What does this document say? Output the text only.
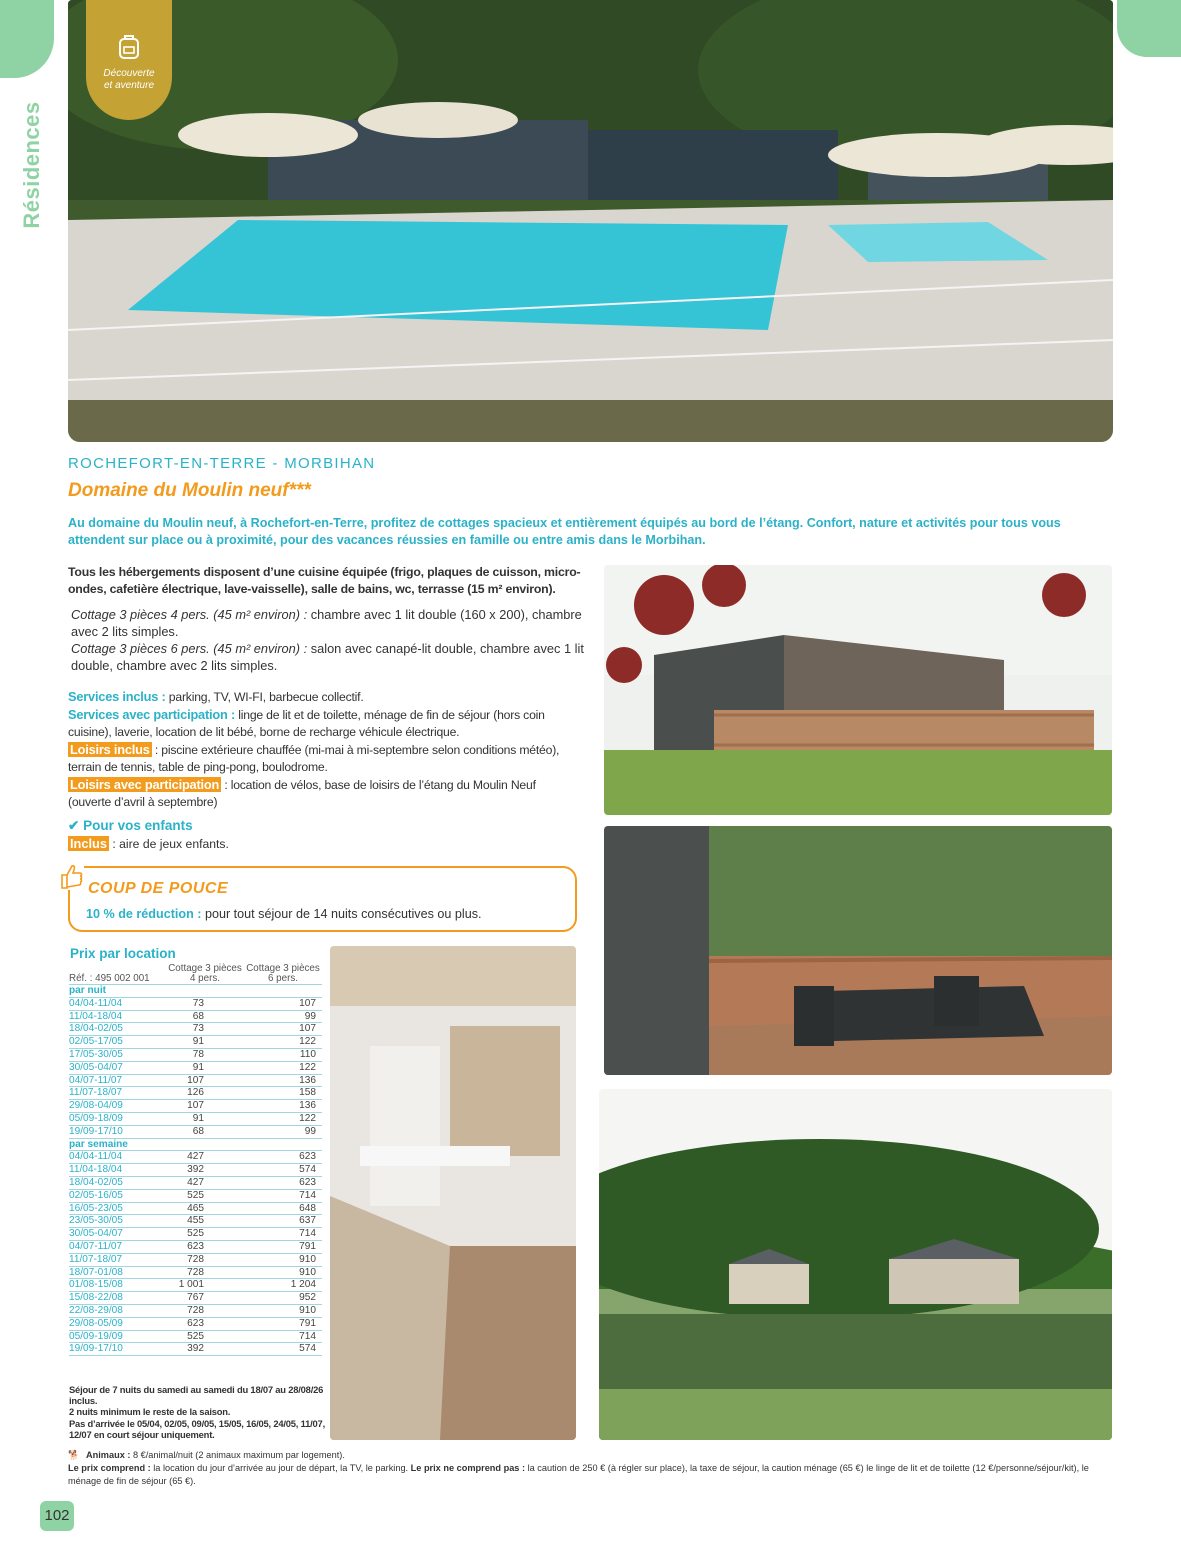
Résidences
Découverte
et aventure
ROCHEFORT-EN-TERRE - MORBIHAN
Domaine du Moulin neuf***
Au domaine du Moulin neuf, à Rochefort-en-Terre, profitez de cottages spacieux et entièrement équipés au bord de l’étang. Confort, nature et activités pour tous vous attendent sur place ou à proximité, pour des vacances réussies en famille ou entre amis dans le Morbihan.
Tous les hébergements disposent d’une cuisine équipée (frigo, plaques de cuisson, micro-ondes, cafetière électrique, lave-vaisselle), salle de bains, wc, terrasse (15 m² environ).
Cottage 3 pièces 4 pers. (45 m² environ) : chambre avec 1 lit double (160 x 200), chambre avec 2 lits simples.
Cottage 3 pièces 6 pers. (45 m² environ) : salon avec canapé-lit double, chambre avec 1 lit double, chambre avec 2 lits simples.
Services inclus : parking, TV, WI-FI, barbecue collectif.
Services avec participation : linge de lit et de toilette, ménage de fin de séjour (hors coin cuisine), laverie, location de lit bébé, borne de recharge véhicule électrique.
Loisirs inclus : piscine extérieure chauffée (mi-mai à mi-septembre selon conditions météo), terrain de tennis, table de ping-pong, boulodrome.
Loisirs avec participation : location de vélos, base de loisirs de l’étang du Moulin Neuf (ouverte d’avril à septembre)
✔ Pour vos enfants
Inclus : aire de jeux enfants.
COUP DE POUCE
10 % de réduction : pour tout séjour de 14 nuits consécutives ou plus.
Prix par location
Réf. : 495 002 001	Cottage 3 pièces 4 pers.	Cottage 3 pièces 6 pers.
par nuit		
04/04-11/04	73	107
11/04-18/04	68	99
18/04-02/05	73	107
02/05-17/05	91	122
17/05-30/05	78	110
30/05-04/07	91	122
04/07-11/07	107	136
11/07-18/07	126	158
29/08-04/09	107	136
05/09-18/09	91	122
19/09-17/10	68	99
par semaine		
04/04-11/04	427	623
11/04-18/04	392	574
18/04-02/05	427	623
02/05-16/05	525	714
16/05-23/05	465	648
23/05-30/05	455	637
30/05-04/07	525	714
04/07-11/07	623	791
11/07-18/07	728	910
18/07-01/08	728	910
01/08-15/08	1 001	1 204
15/08-22/08	767	952
22/08-29/08	728	910
29/08-05/09	623	791
05/09-19/09	525	714
19/09-17/10	392	574
Séjour de 7 nuits du samedi au samedi du 18/07 au 28/08/26 inclus.
2 nuits minimum le reste de la saison.
Pas d’arrivée le 05/04, 02/05, 09/05, 15/05, 16/05, 24/05, 11/07, 12/07 en court séjour uniquement.
🐕 Animaux : 8 €/animal/nuit (2 animaux maximum par logement).
Le prix comprend : la location du jour d’arrivée au jour de départ, la TV, le parking. Le prix ne comprend pas : la caution de 250 € (à régler sur place), la taxe de séjour, la caution ménage (65 €) le linge de lit et de toilette (12 €/personne/séjour/kit), le ménage de fin de séjour (65 €).
102
